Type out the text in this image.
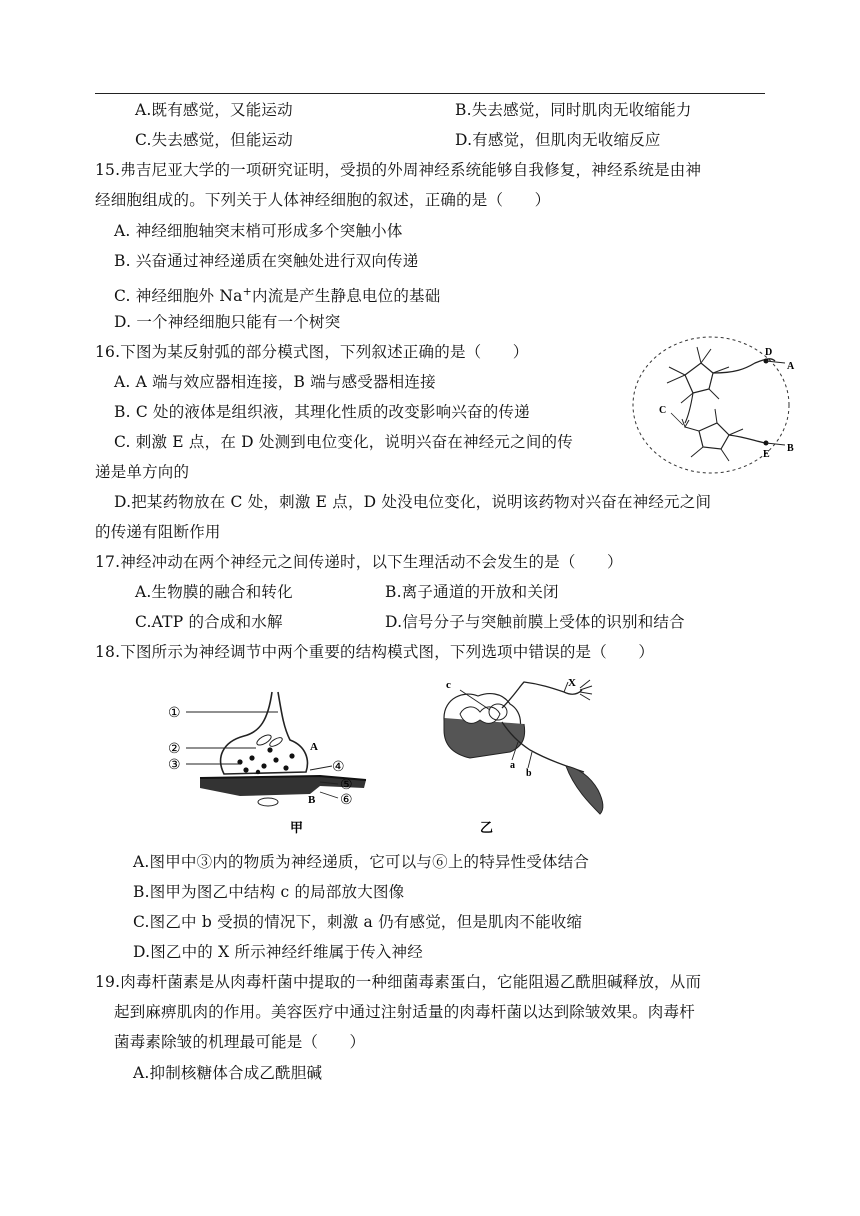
A.既有感觉，又能运动	B.失去感觉，同时肌肉无收缩能力
C.失去感觉，但能运动	D.有感觉，但肌肉无收缩反应
15.弗吉尼亚大学的一项研究证明，受损的外周神经系统能够自我修复，神经系统是由神
经细胞组成的。下列关于人体神经细胞的叙述，正确的是（　　）
A. 神经细胞轴突末梢可形成多个突触小体
B. 兴奋通过神经递质在突触处进行双向传递
C. 神经细胞外 Na+内流是产生静息电位的基础
D. 一个神经细胞只能有一个树突
16.下图为某反射弧的部分模式图，下列叙述正确的是（　　）
A. A 端与效应器相连接，B 端与感受器相连接
B. C 处的液体是组织液，其理化性质的改变影响兴奋的传递
C. 刺激 E 点，在 D 处测到电位变化，说明兴奋在神经元之间的传
递是单方向的
D.把某药物放在 C 处，刺激 E 点，D 处没电位变化，说明该药物对兴奋在神经元之间
的传递有阻断作用
D
A
C
B
E
17.神经冲动在两个神经元之间传递时，以下生理活动不会发生的是（　　）
A.生物膜的融合和转化	B.离子通道的开放和关闭
C.ATP 的合成和水解	D.信号分子与突触前膜上受体的识别和结合
18.下图所示为神经调节中两个重要的结构模式图，下列选项中错误的是（　　）
①
②
③	④
⑤
⑥
A
B
甲
c	X
a
b
乙
A.图甲中③内的物质为神经递质，它可以与⑥上的特异性受体结合
B.图甲为图乙中结构 c 的局部放大图像
C.图乙中 b 受损的情况下，刺激 a 仍有感觉，但是肌肉不能收缩
D.图乙中的 X 所示神经纤维属于传入神经
19.肉毒杆菌素是从肉毒杆菌中提取的一种细菌毒素蛋白，它能阻遏乙酰胆碱释放，从而
起到麻痹肌肉的作用。美容医疗中通过注射适量的肉毒杆菌以达到除皱效果。肉毒杆
菌毒素除皱的机理最可能是（　　）
A.抑制核糖体合成乙酰胆碱
